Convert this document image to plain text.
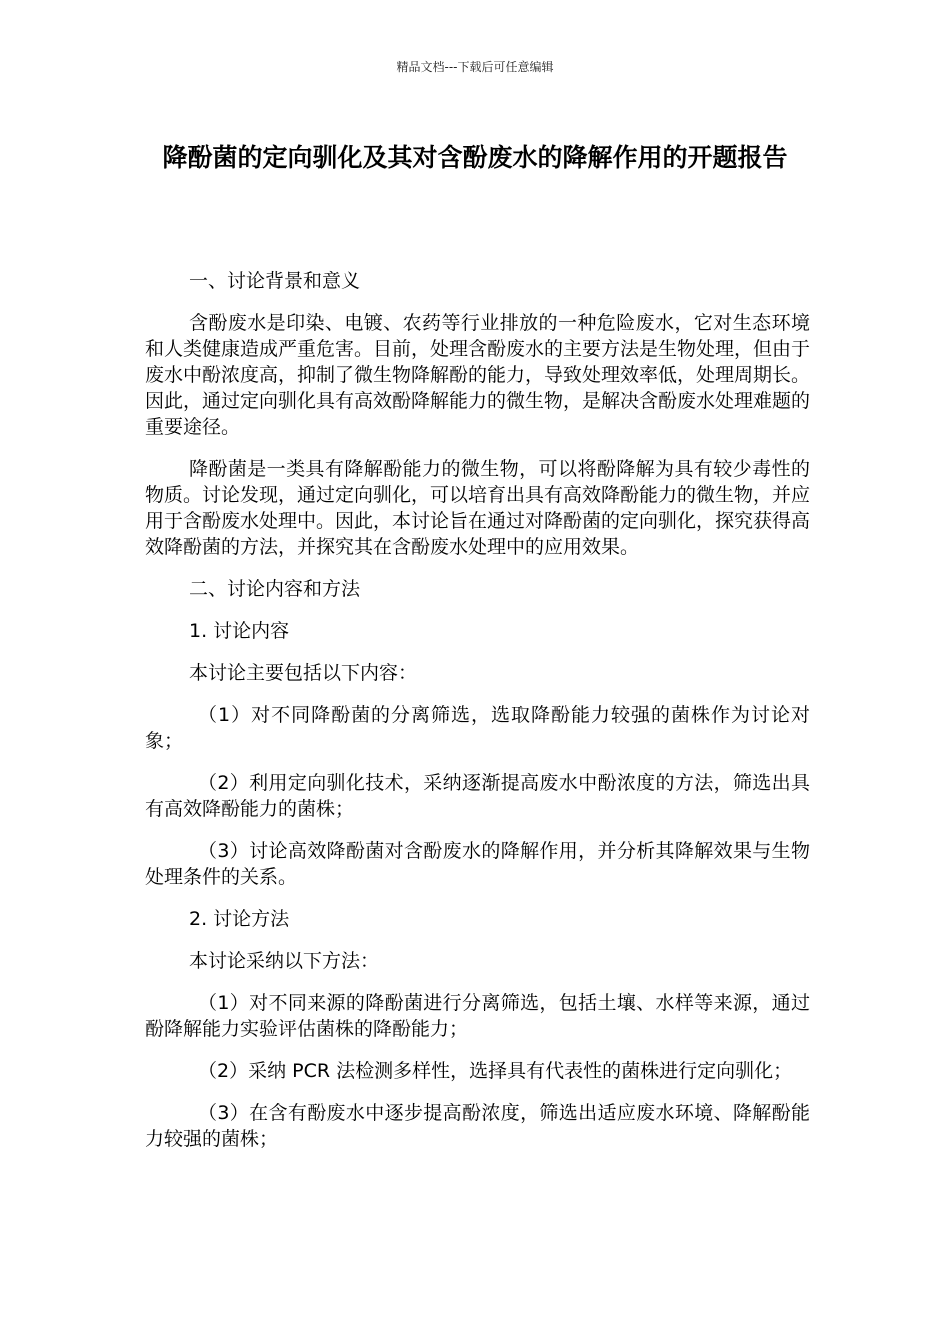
精品文档---下载后可任意编辑
降酚菌的定向驯化及其对含酚废水的降解作用的开题报告

一、讨论背景和意义

含酚废水是印染、电镀、农药等行业排放的一种危险废水，它对生态环境和人类健康造成严重危害。目前，处理含酚废水的主要方法是生物处理，但由于废水中酚浓度高，抑制了微生物降解酚的能力，导致处理效率低，处理周期长。因此，通过定向驯化具有高效酚降解能力的微生物，是解决含酚废水处理难题的重要途径。

降酚菌是一类具有降解酚能力的微生物，可以将酚降解为具有较少毒性的物质。讨论发现，通过定向驯化，可以培育出具有高效降酚能力的微生物，并应用于含酚废水处理中。因此，本讨论旨在通过对降酚菌的定向驯化，探究获得高效降酚菌的方法，并探究其在含酚废水处理中的应用效果。

二、讨论内容和方法

1. 讨论内容

本讨论主要包括以下内容：

（1）对不同降酚菌的分离筛选，选取降酚能力较强的菌株作为讨论对象；

（2）利用定向驯化技术，采纳逐渐提高废水中酚浓度的方法，筛选出具有高效降酚能力的菌株；

（3）讨论高效降酚菌对含酚废水的降解作用，并分析其降解效果与生物处理条件的关系。

2. 讨论方法

本讨论采纳以下方法：

（1）对不同来源的降酚菌进行分离筛选，包括土壤、水样等来源，通过酚降解能力实验评估菌株的降酚能力；

（2）采纳 PCR 法检测多样性，选择具有代表性的菌株进行定向驯化；

（3）在含有酚废水中逐步提高酚浓度，筛选出适应废水环境、降解酚能力较强的菌株；
